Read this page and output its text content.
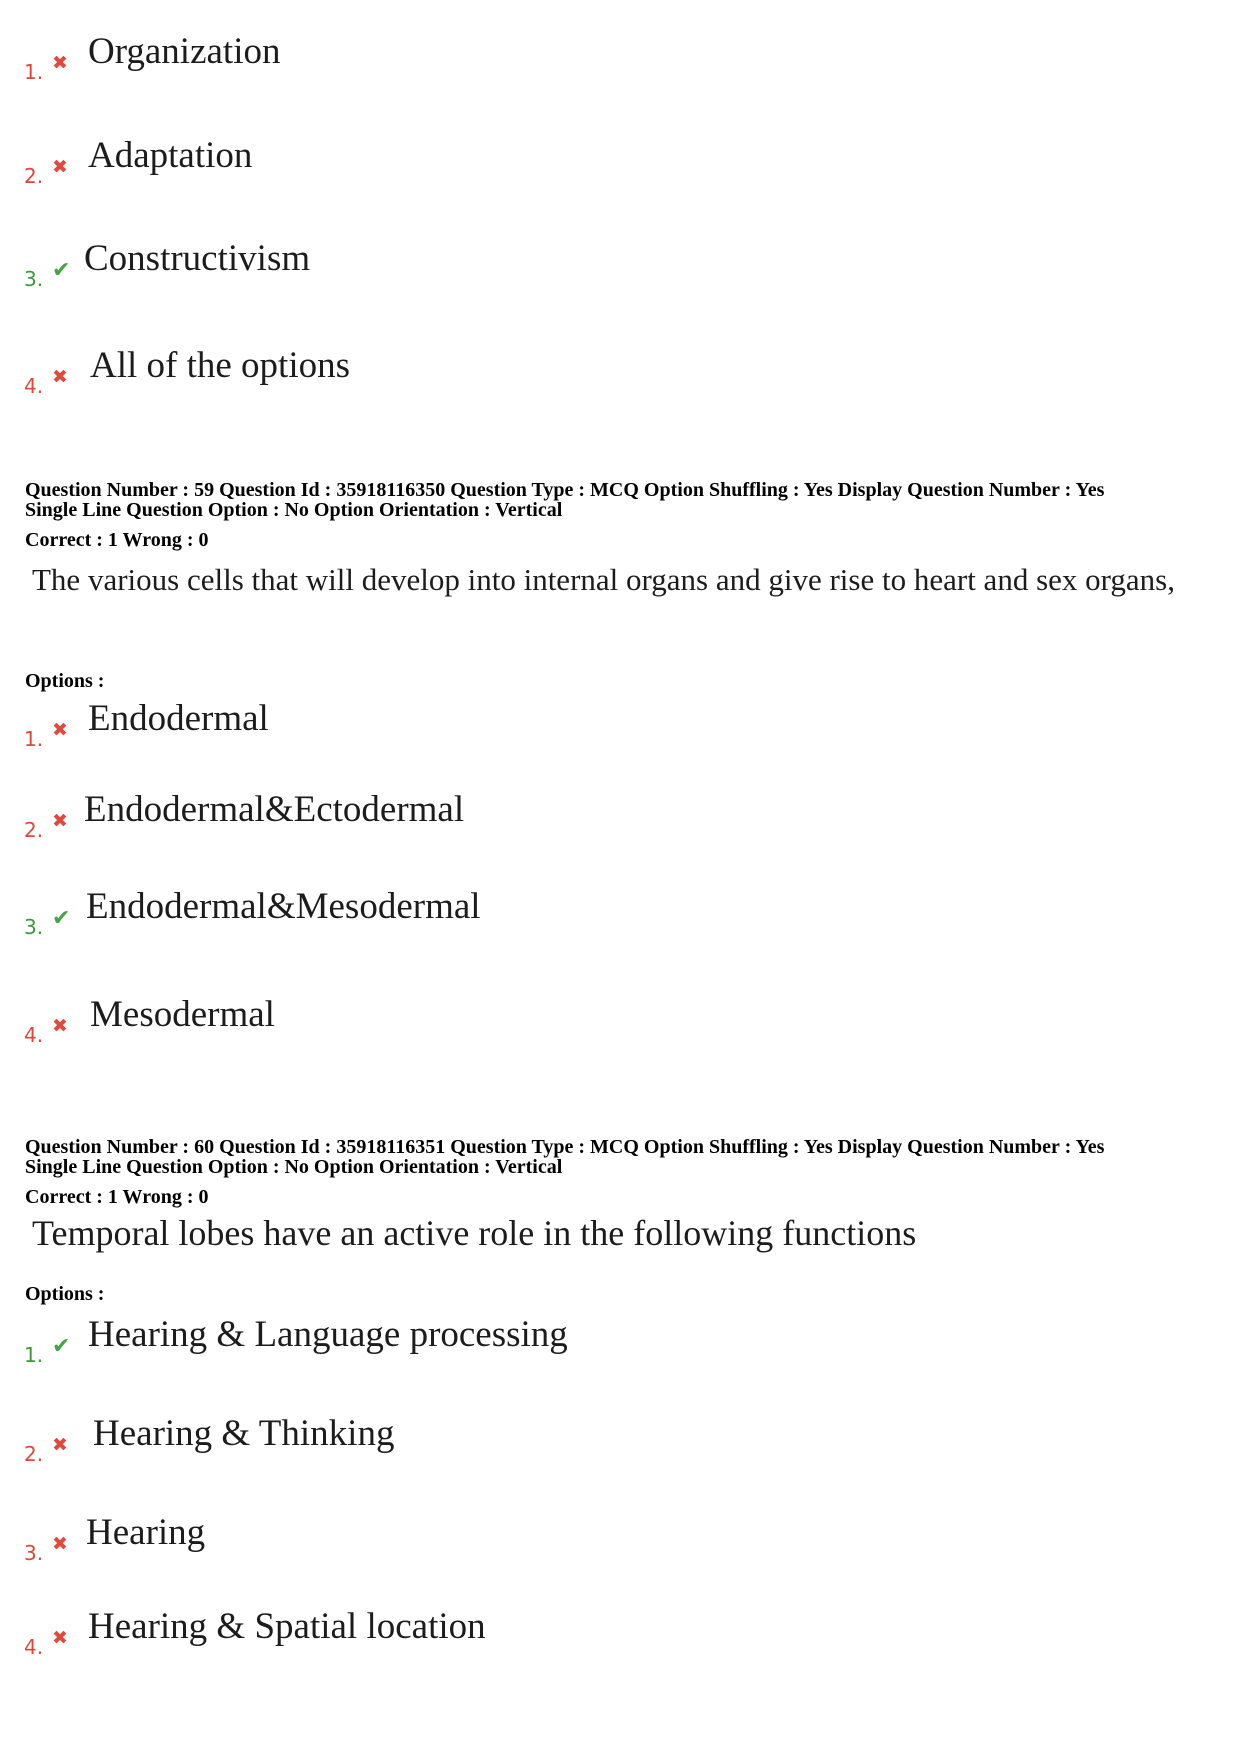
1. ✖ Organization
2. ✖ Adaptation
3. ✔ Constructivism
4. ✖ All of the options
Question Number : 59 Question Id : 35918116350 Question Type : MCQ Option Shuffling : Yes Display Question Number : Yes
Single Line Question Option : No Option Orientation : Vertical
Correct : 1 Wrong : 0
The various cells that will develop into internal organs and give rise to heart and sex organs,
Options :
1. ✖ Endodermal
2. ✖ Endodermal&Ectodermal
3. ✔ Endodermal&Mesodermal
4. ✖ Mesodermal
Question Number : 60 Question Id : 35918116351 Question Type : MCQ Option Shuffling : Yes Display Question Number : Yes
Single Line Question Option : No Option Orientation : Vertical
Correct : 1 Wrong : 0
Temporal lobes have an active role in the following functions
Options :
1. ✔ Hearing & Language processing
2. ✖ Hearing & Thinking
3. ✖ Hearing
4. ✖ Hearing & Spatial location
